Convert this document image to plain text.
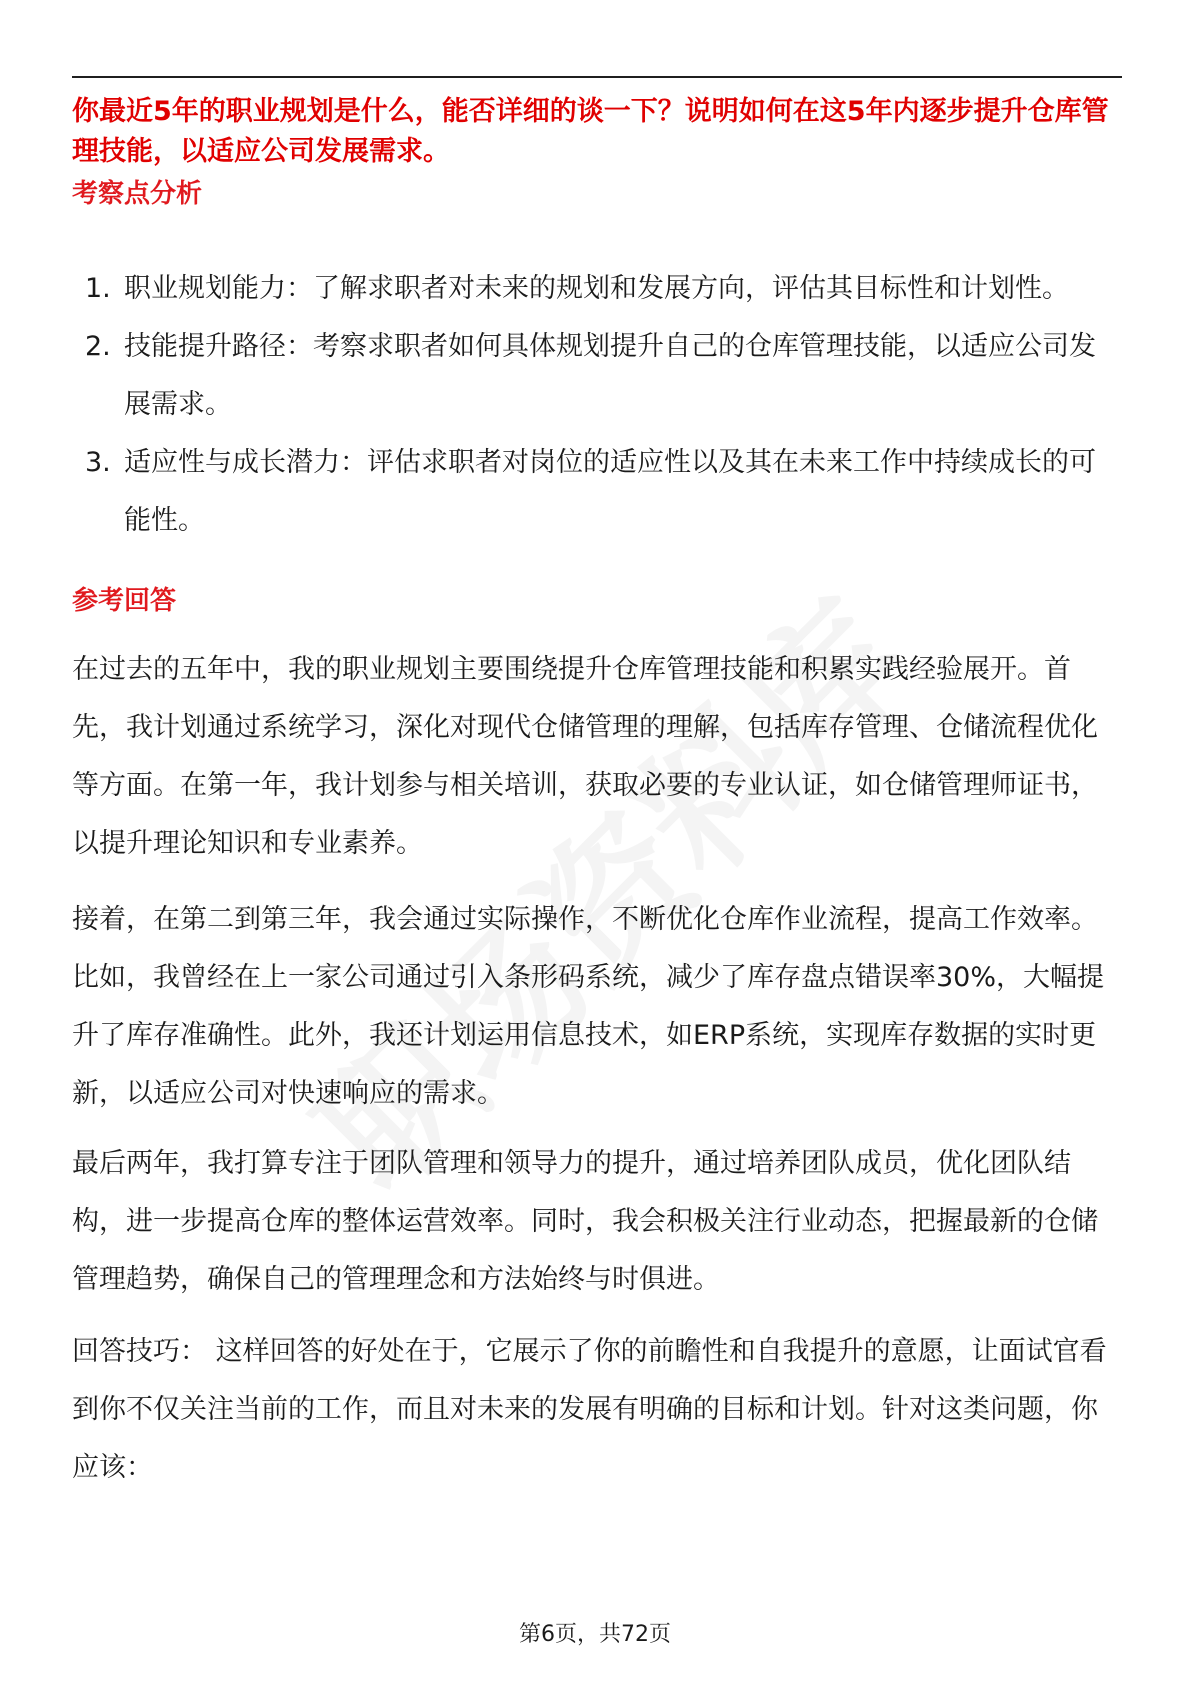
你最近5年的职业规划是什么，能否详细的谈一下？说明如何在这5年内逐步提升仓库管理技能，以适应公司发展需求。

考察点分析
1. 职业规划能力：了解求职者对未来的规划和发展方向，评估其目标性和计划性。
2. 技能提升路径：考察求职者如何具体规划提升自己的仓库管理技能，以适应公司发展需求。
3. 适应性与成长潜力：评估求职者对岗位的适应性以及其在未来工作中持续成长的可能性。
参考回答

在过去的五年中，我的职业规划主要围绕提升仓库管理技能和积累实践经验展开。首先，我计划通过系统学习，深化对现代仓储管理的理解，包括库存管理、仓储流程优化等方面。在第一年，我计划参与相关培训，获取必要的专业认证，如仓储管理师证书，以提升理论知识和专业素养。

接着，在第二到第三年，我会通过实际操作，不断优化仓库作业流程，提高工作效率。比如，我曾经在上一家公司通过引入条形码系统，减少了库存盘点错误率30%，大幅提升了库存准确性。此外，我还计划运用信息技术，如ERP系统，实现库存数据的实时更新，以适应公司对快速响应的需求。

最后两年，我打算专注于团队管理和领导力的提升，通过培养团队成员，优化团队结构，进一步提高仓库的整体运营效率。同时，我会积极关注行业动态，把握最新的仓储管理趋势，确保自己的管理理念和方法始终与时俱进。

回答技巧： 这样回答的好处在于，它展示了你的前瞻性和自我提升的意愿，让面试官看到你不仅关注当前的工作，而且对未来的发展有明确的目标和计划。针对这类问题，你应该：

第6页，共72页
